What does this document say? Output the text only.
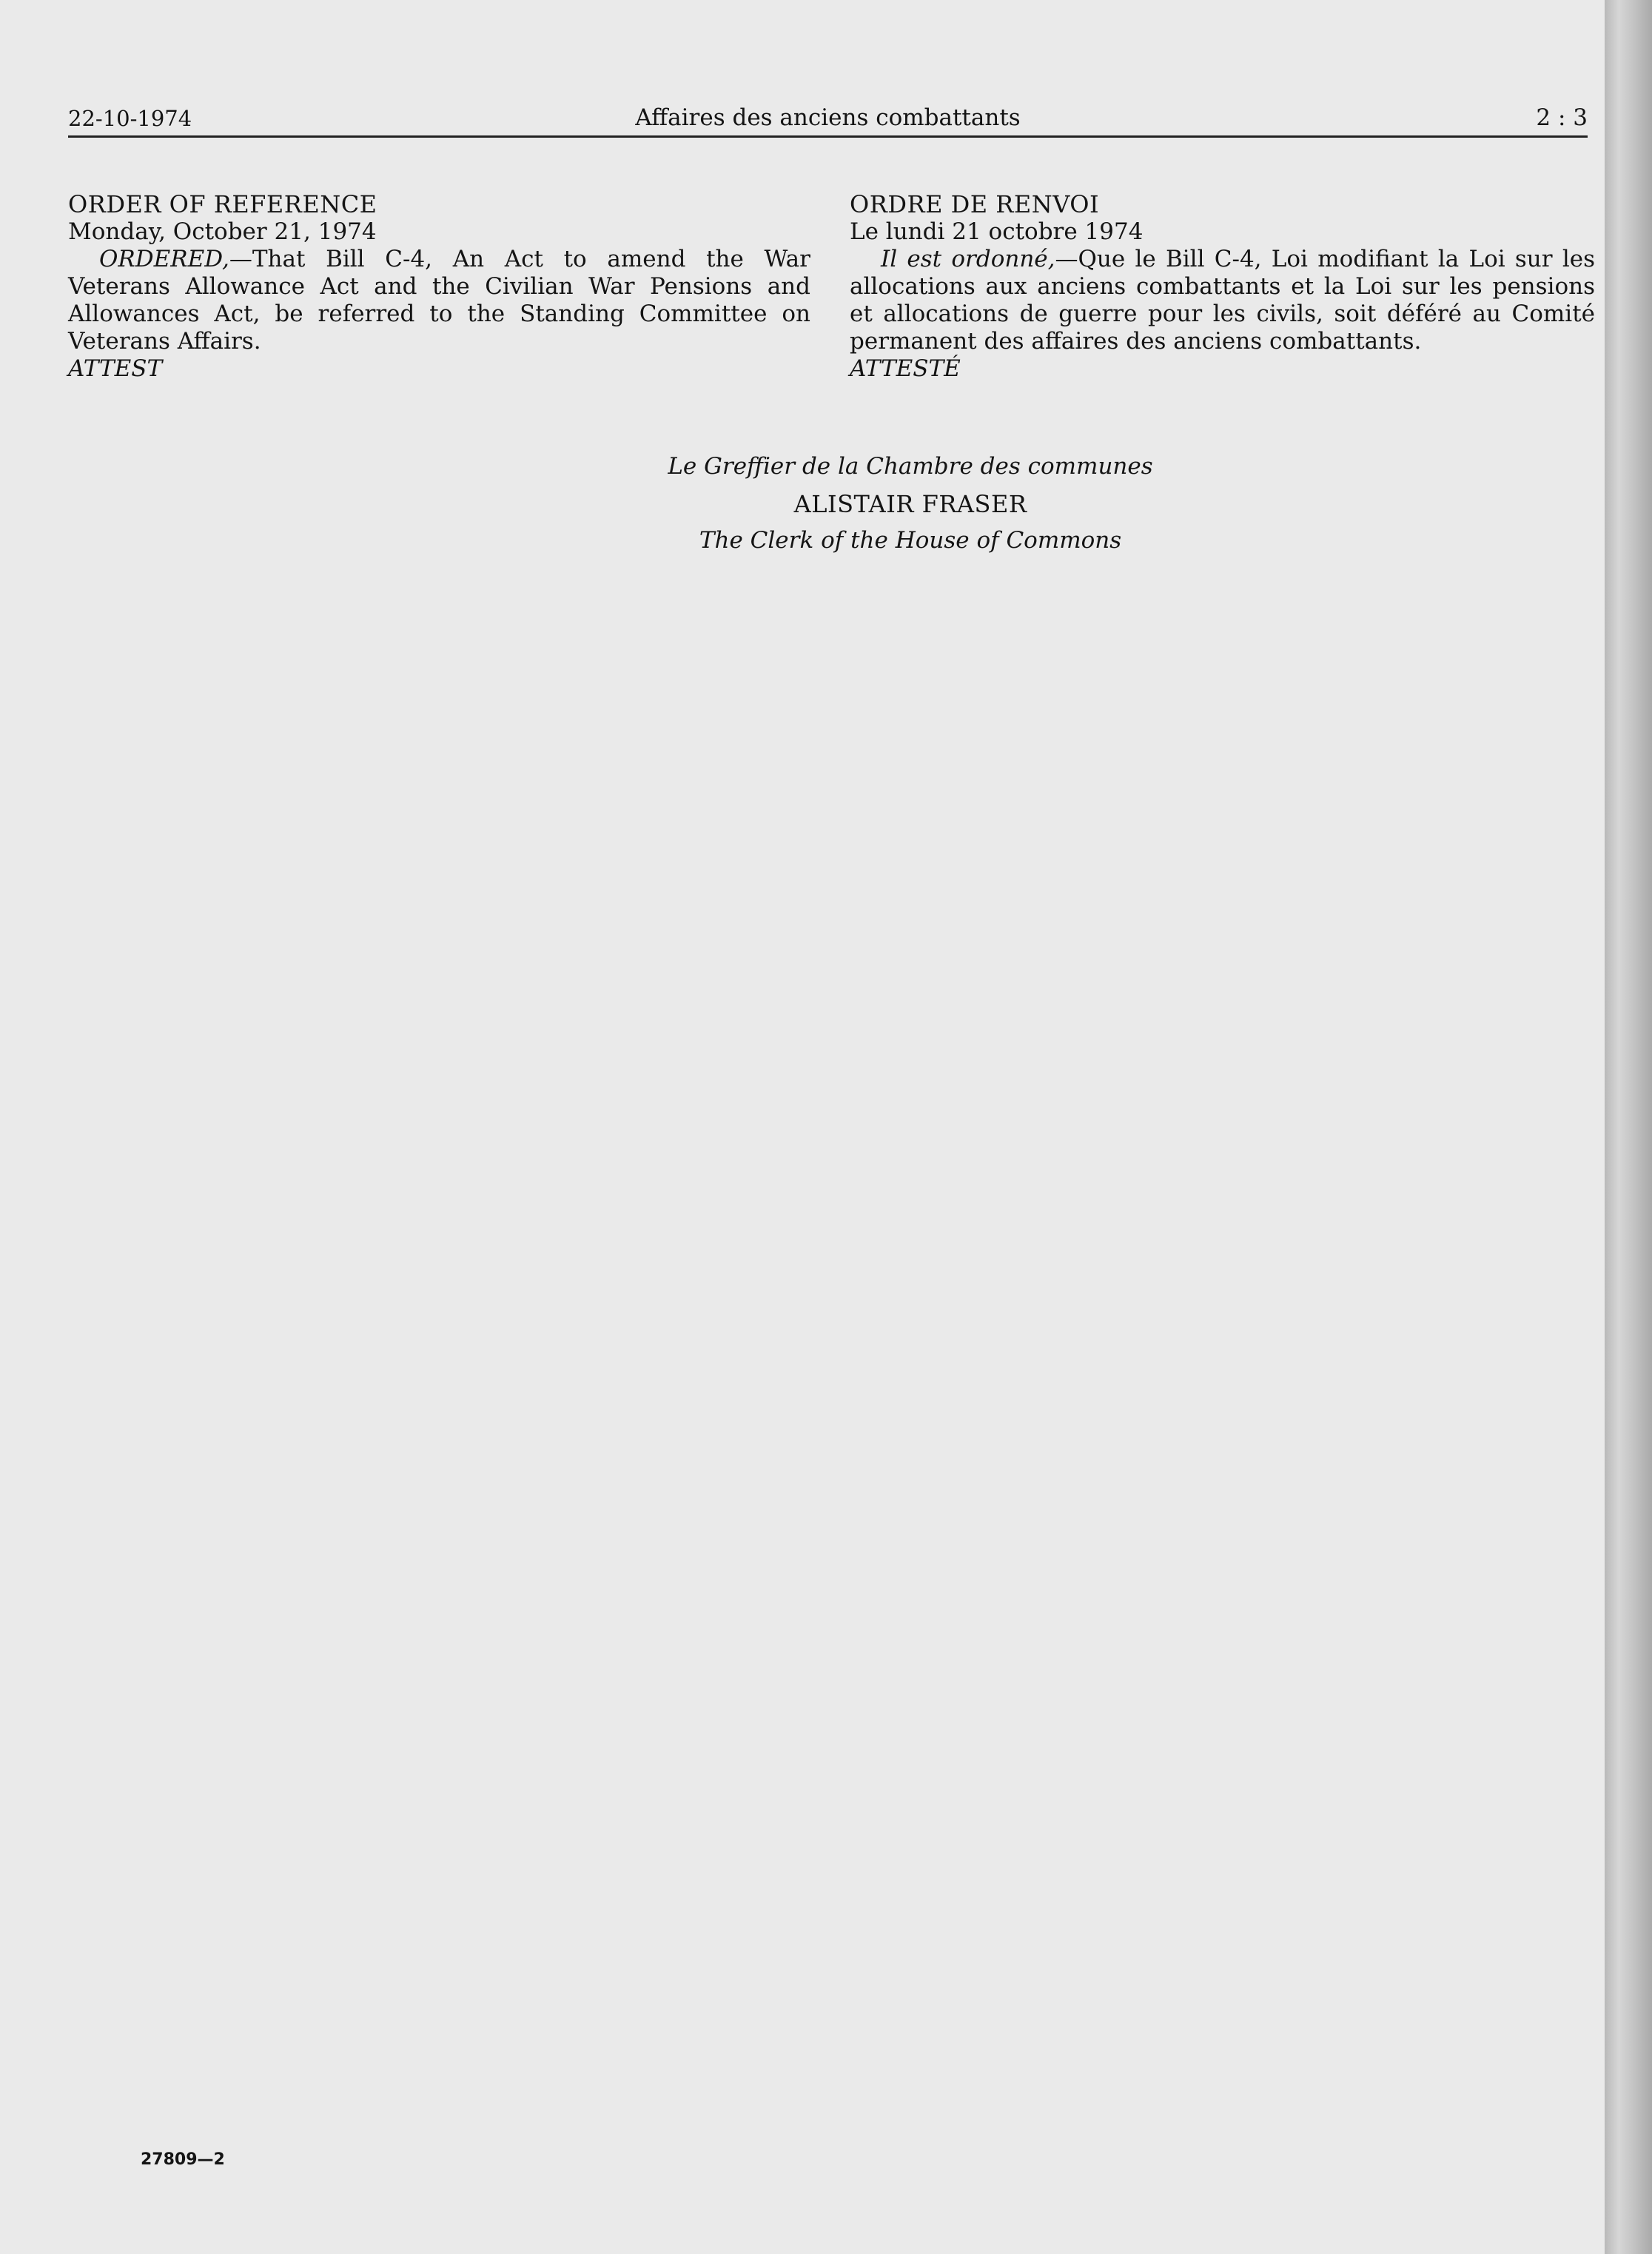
22-10-1974	Affaires des anciens combattants	2 : 3

ORDER OF REFERENCE

Monday, October 21, 1974

ORDERED,—That Bill C-4, An Act to amend the War Veterans Allowance Act and the Civilian War Pensions and Allowances Act, be referred to the Standing Committee on Veterans Affairs.

ATTEST

ORDRE DE RENVOI

Le lundi 21 octobre 1974

Il est ordonné,—Que le Bill C-4, Loi modifiant la Loi sur les allocations aux anciens combattants et la Loi sur les pensions et allocations de guerre pour les civils, soit déféré au Comité permanent des affaires des anciens combattants.

ATTESTÉ

Le Greffier de la Chambre des communes
ALISTAIR FRASER
The Clerk of the House of Commons
27809—2
